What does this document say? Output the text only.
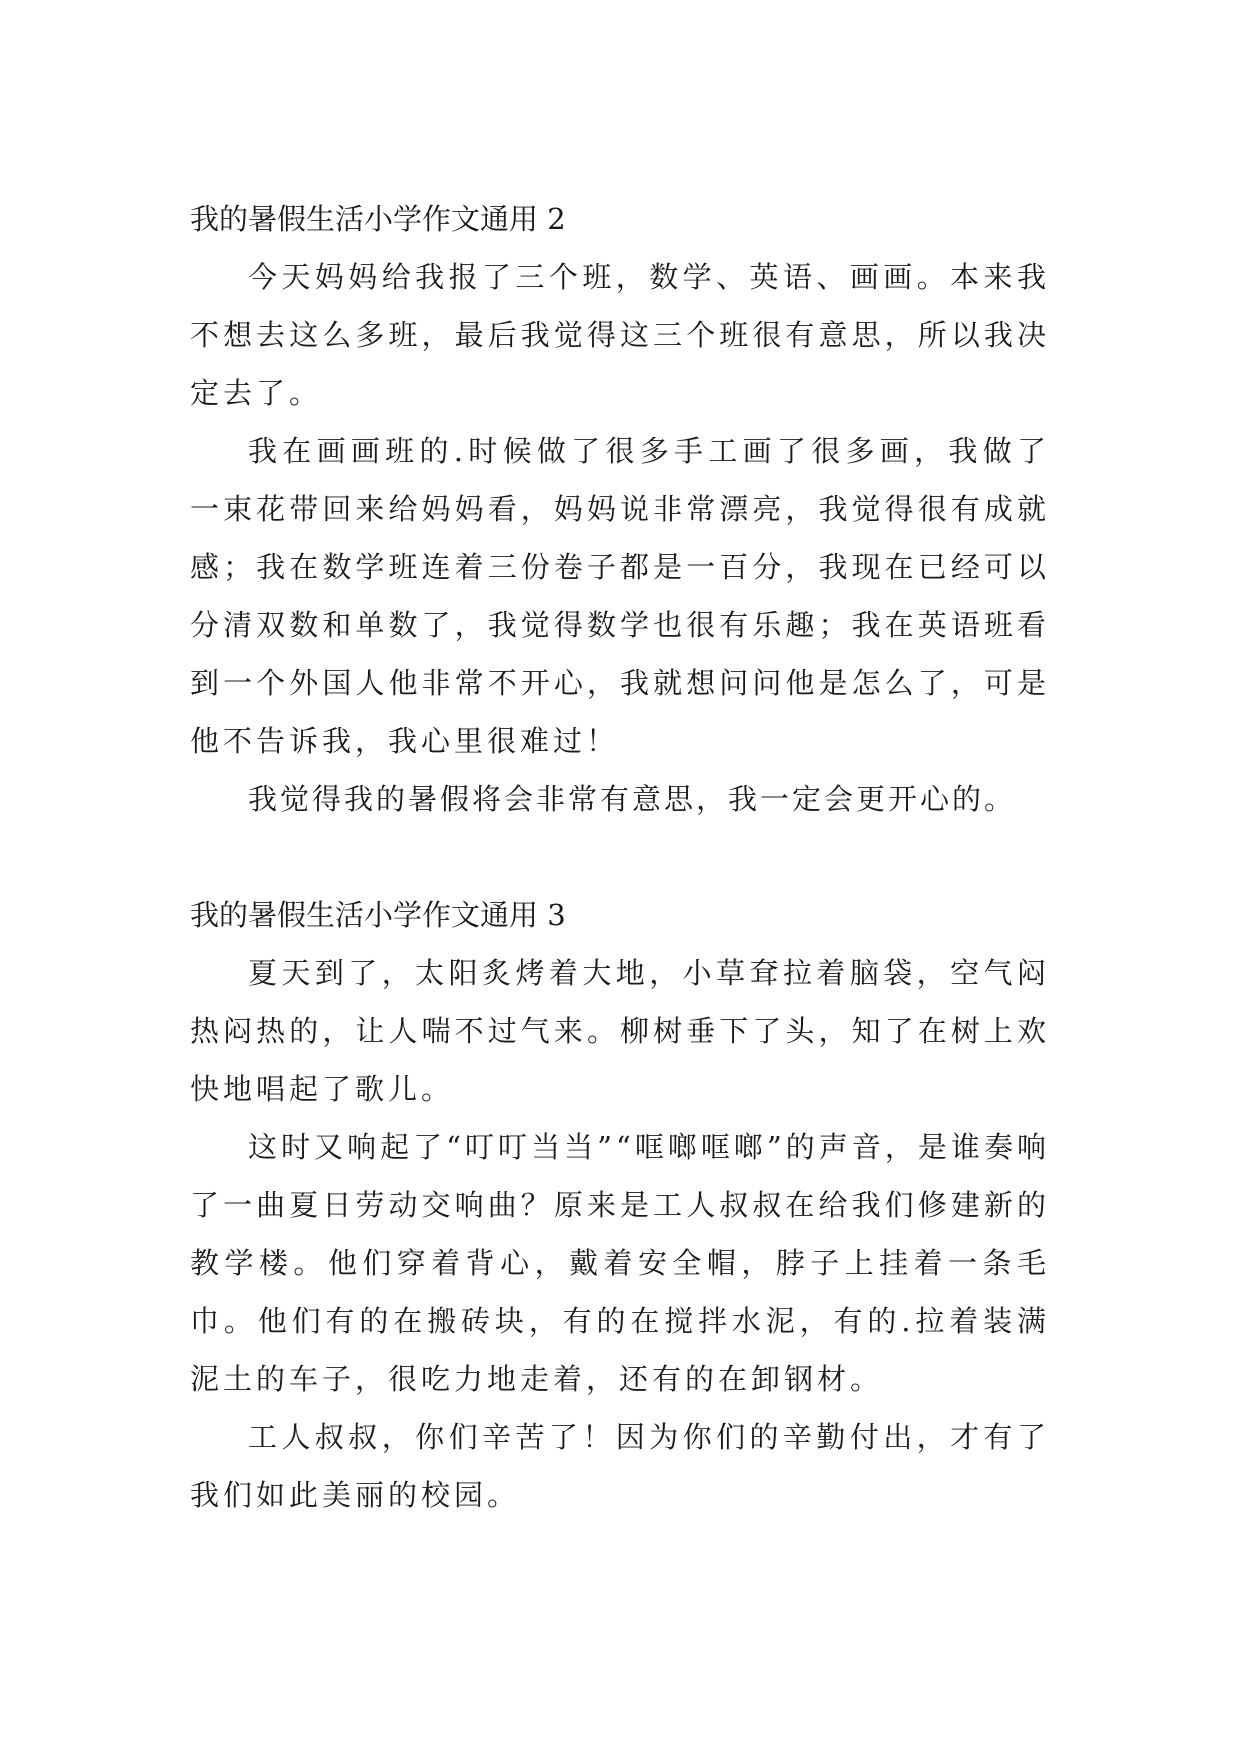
我的暑假生活小学作文通用 2

今天妈妈给我报了三个班，数学、英语、画画。本来我不想去这么多班，最后我觉得这三个班很有意思，所以我决定去了。

我在画画班的.时候做了很多手工画了很多画，我做了一束花带回来给妈妈看，妈妈说非常漂亮，我觉得很有成就感；我在数学班连着三份卷子都是一百分，我现在已经可以分清双数和单数了，我觉得数学也很有乐趣；我在英语班看到一个外国人他非常不开心，我就想问问他是怎么了，可是他不告诉我，我心里很难过！

我觉得我的暑假将会非常有意思，我一定会更开心的。

我的暑假生活小学作文通用 3

夏天到了，太阳炙烤着大地，小草耷拉着脑袋，空气闷热闷热的，让人喘不过气来。柳树垂下了头，知了在树上欢快地唱起了歌儿。

这时又响起了“叮叮当当”“哐啷哐啷”的声音，是谁奏响了一曲夏日劳动交响曲？原来是工人叔叔在给我们修建新的教学楼。他们穿着背心，戴着安全帽，脖子上挂着一条毛巾。他们有的在搬砖块，有的在搅拌水泥，有的.拉着装满泥土的车子，很吃力地走着，还有的在卸钢材。

工人叔叔，你们辛苦了！因为你们的辛勤付出，才有了我们如此美丽的校园。
